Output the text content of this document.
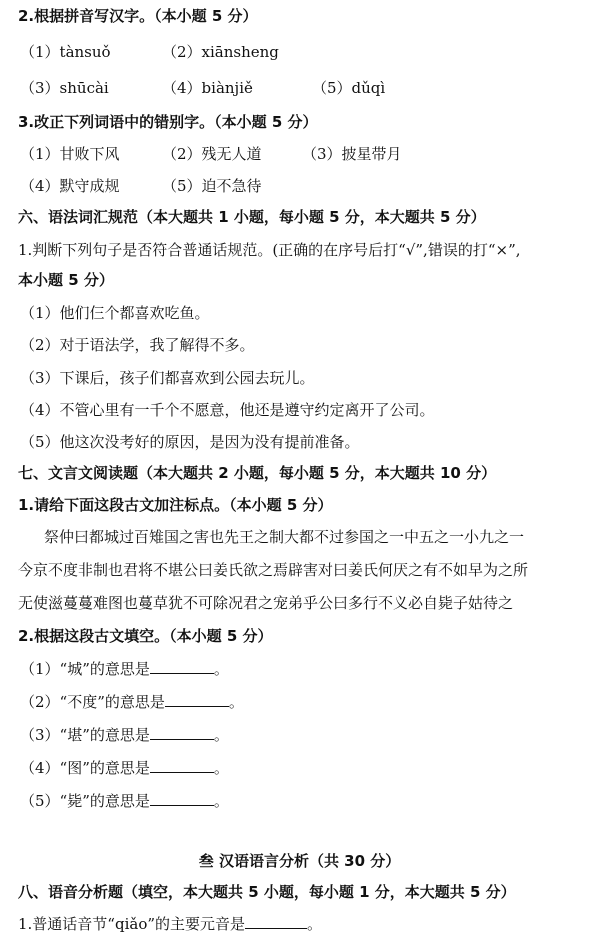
2.根据拼音写汉字。（本小题 5 分）
（1）tànsuǒ	（2）xiānsheng
（3）shūcài	（4）biànjiě	（5）dǔqì
3.改正下列词语中的错别字。（本小题 5 分）
（1）甘败下风	（2）残无人道	（3）披星带月
（4）默守成规	（5）迫不急待
六、语法词汇规范（本大题共 1 小题，每小题 5 分，本大题共 5 分）
1.判断下列句子是否符合普通话规范。(正确的在序号后打“√”,错误的打“×”,
本小题 5 分）
（1）他们仨个都喜欢吃鱼。
（2）对于语法学，我了解得不多。
（3）下课后，孩子们都喜欢到公园去玩儿。
（4）不管心里有一千个不愿意，他还是遵守约定离开了公司。
（5）他这次没考好的原因，是因为没有提前准备。
七、文言文阅读题（本大题共 2 小题，每小题 5 分，本大题共 10 分）
1.请给下面这段古文加注标点。（本小题 5 分）
祭仲曰都城过百雉国之害也先王之制大都不过参国之一中五之一小九之一
今京不度非制也君将不堪公曰姜氏欲之焉辟害对曰姜氏何厌之有不如早为之所
无使滋蔓蔓难图也蔓草犹不可除况君之宠弟乎公曰多行不义必自毙子姑待之
2.根据这段古文填空。（本小题 5 分）
（1）“城”的意思是	。
（2）“不度”的意思是	。
（3）“堪”的意思是	。
（4）“图”的意思是	。
（5）“毙”的意思是	。
叁 汉语语言分析（共 30 分）
八、语音分析题（填空，本大题共 5 小题，每小题 1 分，本大题共 5 分）
1.普通话音节“qiǎo”的主要元音是	。
